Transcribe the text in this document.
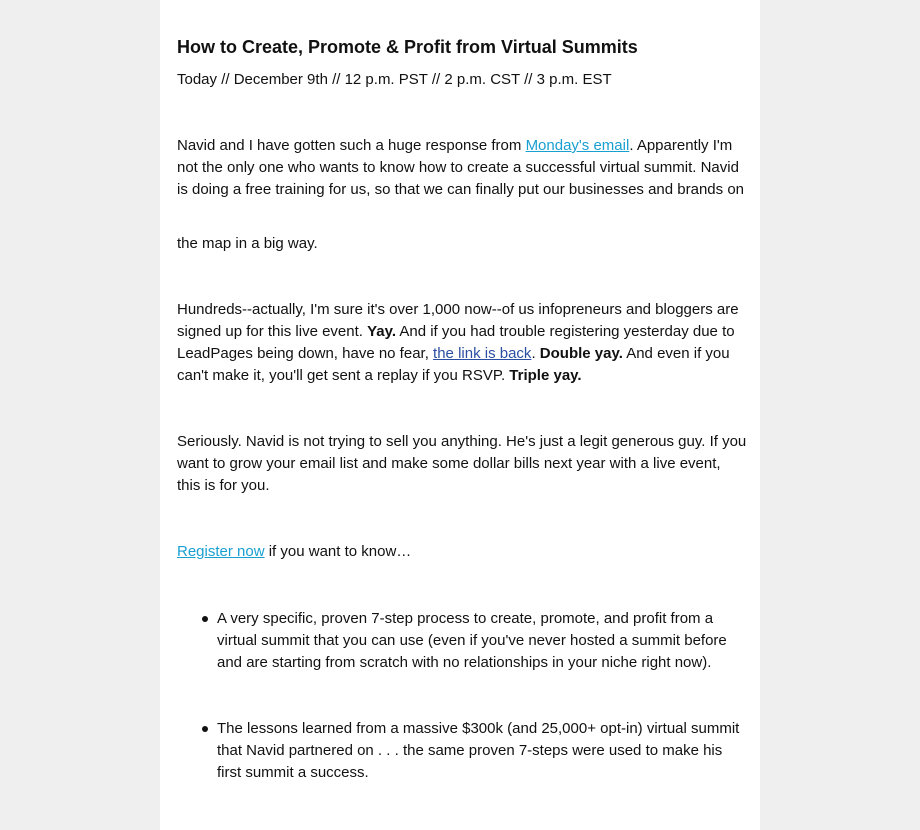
How to Create, Promote & Profit from Virtual Summits

Today // December 9th // 12 p.m. PST // 2 p.m. CST // 3 p.m. EST

Navid and I have gotten such a huge response from Monday's email. Apparently I'm not the only one who wants to know how to create a successful virtual summit. Navid is doing a free training for us, so that we can finally put our businesses and brands on

the map in a big way.

Hundreds--actually, I'm sure it's over 1,000 now--of us infopreneurs and bloggers are signed up for this live event. Yay. And if you had trouble registering yesterday due to LeadPages being down, have no fear, the link is back. Double yay. And even if you can't make it, you'll get sent a replay if you RSVP. Triple yay.

Seriously. Navid is not trying to sell you anything. He's just a legit generous guy. If you want to grow your email list and make some dollar bills next year with a live event, this is for you.

Register now if you want to know…

A very specific, proven 7-step process to create, promote, and profit from a virtual summit that you can use (even if you've never hosted a summit before and are starting from scratch with no relationships in your niche right now).
The lessons learned from a massive $300k (and 25,000+ opt-in) virtual summit that Navid partnered on . . . the same proven 7-steps were used to make his first summit a success.
